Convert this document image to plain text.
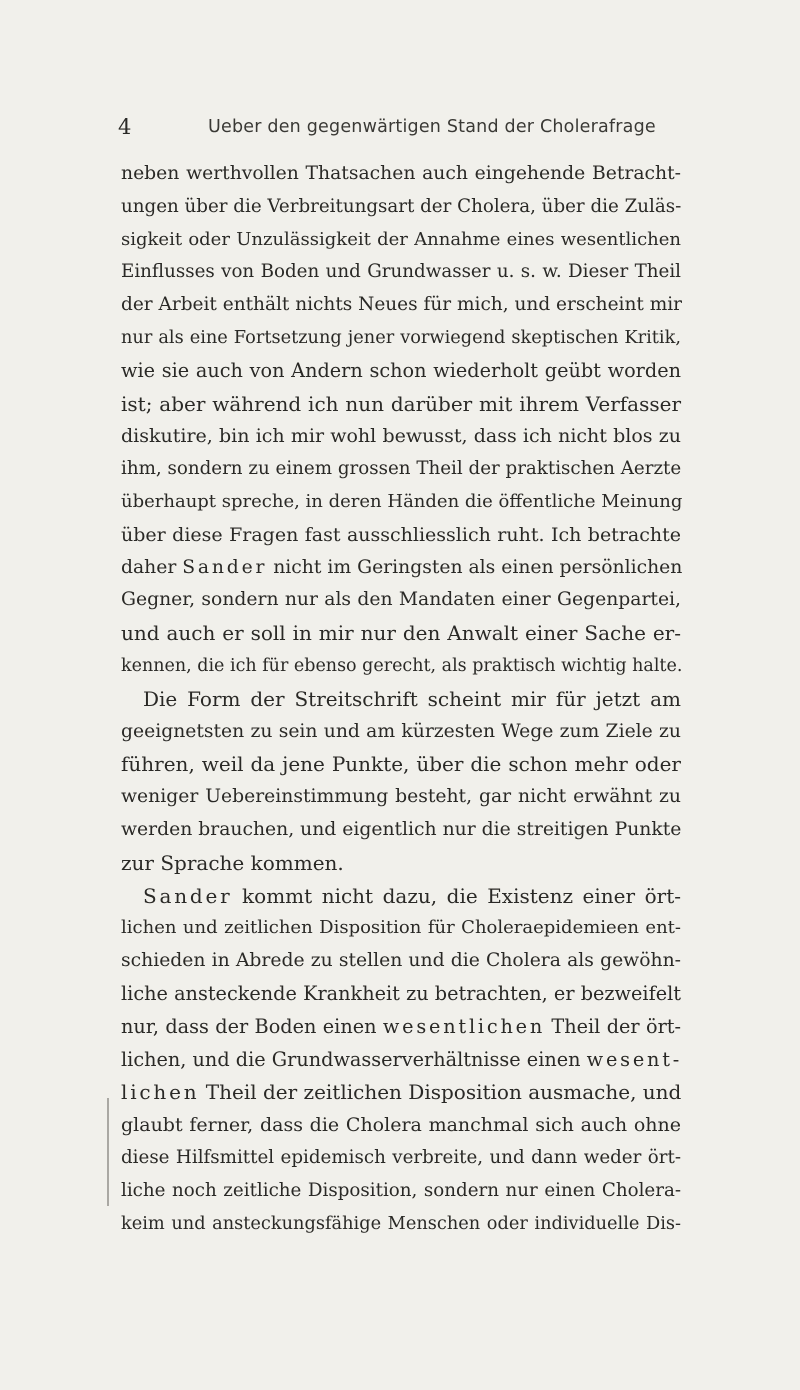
4	Ueber den gegenwärtigen Stand der Cholerafrage
neben werthvollen Thatsachen auch eingehende Betracht-
ungen über die Verbreitungsart der Cholera, über die Zuläs-
sigkeit oder Unzulässigkeit der Annahme eines wesentlichen
Einflusses von Boden und Grundwasser u. s. w. Dieser Theil
der Arbeit enthält nichts Neues für mich, und erscheint mir
nur als eine Fortsetzung jener vorwiegend skeptischen Kritik,
wie sie auch von Andern schon wiederholt geübt worden
ist; aber während ich nun darüber mit ihrem Verfasser
diskutire, bin ich mir wohl bewusst, dass ich nicht blos zu
ihm, sondern zu einem grossen Theil der praktischen Aerzte
überhaupt spreche, in deren Händen die öffentliche Meinung
über diese Fragen fast ausschliesslich ruht. Ich betrachte
daher Sander nicht im Geringsten als einen persönlichen
Gegner, sondern nur als den Mandaten einer Gegenpartei,
und auch er soll in mir nur den Anwalt einer Sache er-
kennen, die ich für ebenso gerecht, als praktisch wichtig halte.
Die Form der Streitschrift scheint mir für jetzt am
geeignetsten zu sein und am kürzesten Wege zum Ziele zu
führen, weil da jene Punkte, über die schon mehr oder
weniger Uebereinstimmung besteht, gar nicht erwähnt zu
werden brauchen, und eigentlich nur die streitigen Punkte
zur Sprache kommen.
Sander kommt nicht dazu, die Existenz einer ört-
lichen und zeitlichen Disposition für Choleraepidemieen ent-
schieden in Abrede zu stellen und die Cholera als gewöhn-
liche ansteckende Krankheit zu betrachten, er bezweifelt
nur, dass der Boden einen wesentlichen Theil der ört-
lichen, und die Grundwasserverhältnisse einen wesent-
lichen Theil der zeitlichen Disposition ausmache, und
glaubt ferner, dass die Cholera manchmal sich auch ohne
diese Hilfsmittel epidemisch verbreite, und dann weder ört-
liche noch zeitliche Disposition, sondern nur einen Cholera-
keim und ansteckungsfähige Menschen oder individuelle Dis-
